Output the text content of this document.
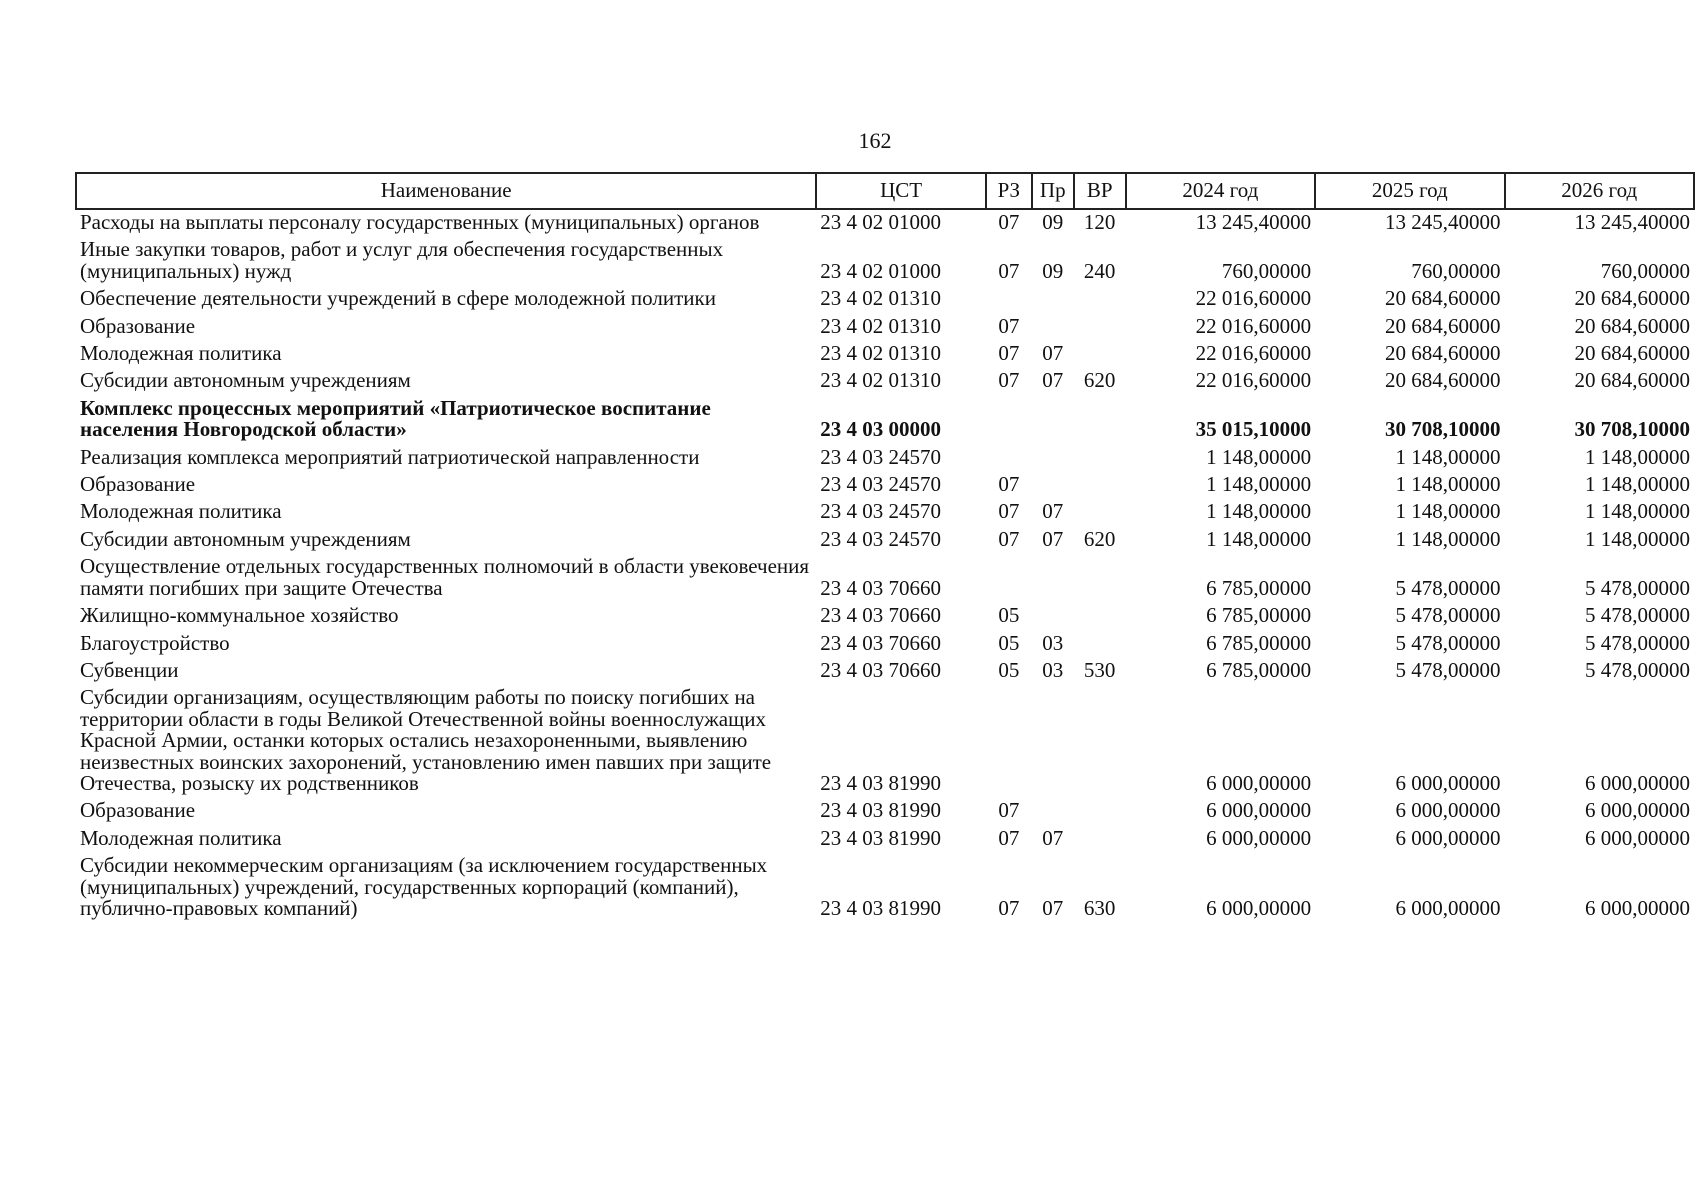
162
Наименование	ЦСТ	РЗ	Пр	ВР	2024 год	2025 год	2026 год
Расходы на выплаты персоналу государственных (муниципальных) органов	23 4 02 01000	07	09	120	13 245,40000	13 245,40000	13 245,40000
Иные закупки товаров, работ и услуг для обеспечения государственных (муниципальных) нужд	23 4 02 01000	07	09	240	760,00000	760,00000	760,00000
Обеспечение деятельности учреждений в сфере молодежной политики	23 4 02 01310				22 016,60000	20 684,60000	20 684,60000
Образование	23 4 02 01310	07			22 016,60000	20 684,60000	20 684,60000
Молодежная политика	23 4 02 01310	07	07		22 016,60000	20 684,60000	20 684,60000
Субсидии автономным учреждениям	23 4 02 01310	07	07	620	22 016,60000	20 684,60000	20 684,60000
Комплекс процессных мероприятий «Патриотическое воспитание населения Новгородской области»	23 4 03 00000				35 015,10000	30 708,10000	30 708,10000
Реализация комплекса мероприятий патриотической направленности	23 4 03 24570				1 148,00000	1 148,00000	1 148,00000
Образование	23 4 03 24570	07			1 148,00000	1 148,00000	1 148,00000
Молодежная политика	23 4 03 24570	07	07		1 148,00000	1 148,00000	1 148,00000
Субсидии автономным учреждениям	23 4 03 24570	07	07	620	1 148,00000	1 148,00000	1 148,00000
Осуществление отдельных государственных полномочий в области увековечения памяти погибших при защите Отечества	23 4 03 70660				6 785,00000	5 478,00000	5 478,00000
Жилищно-коммунальное хозяйство	23 4 03 70660	05			6 785,00000	5 478,00000	5 478,00000
Благоустройство	23 4 03 70660	05	03		6 785,00000	5 478,00000	5 478,00000
Субвенции	23 4 03 70660	05	03	530	6 785,00000	5 478,00000	5 478,00000
Субсидии организациям, осуществляющим работы по поиску погибших на территории области в годы Великой Отечественной войны военнослужащих Красной Армии, останки которых остались незахороненными, выявлению неизвестных воинских захоронений, установлению имен павших при защите Отечества, розыску их родственников	23 4 03 81990				6 000,00000	6 000,00000	6 000,00000
Образование	23 4 03 81990	07			6 000,00000	6 000,00000	6 000,00000
Молодежная политика	23 4 03 81990	07	07		6 000,00000	6 000,00000	6 000,00000
Субсидии некоммерческим организациям (за исключением государственных (муниципальных) учреждений, государственных корпораций (компаний), публично-правовых компаний)	23 4 03 81990	07	07	630	6 000,00000	6 000,00000	6 000,00000
